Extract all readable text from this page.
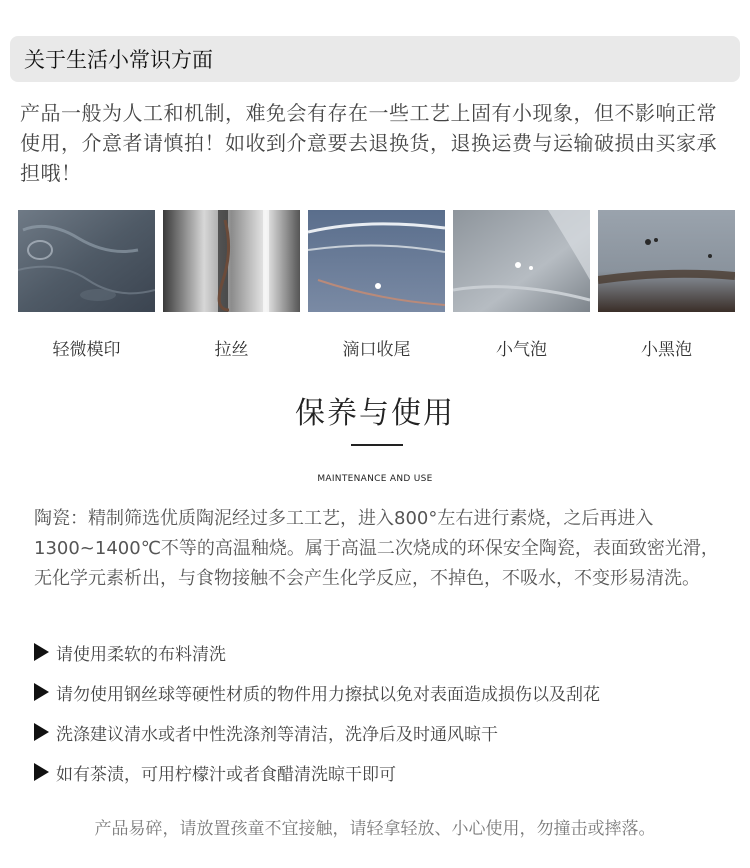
关于生活小常识方面
产品一般为人工和机制，难免会有存在一些工艺上固有小现象，但不影响正常使用，介意者请慎拍！如收到介意要去退换货，退换运费与运输破损由买家承担哦！
轻微模印	拉丝	滴口收尾	小气泡	小黑泡
保养与使用
MAINTENANCE AND USE
陶瓷：精制筛选优质陶泥经过多工工艺，进入800°左右进行素烧，之后再进入1300~1400℃不等的高温釉烧。属于高温二次烧成的环保安全陶瓷，表面致密光滑，无化学元素析出，与食物接触不会产生化学反应，不掉色，不吸水，不变形易清洗。
请使用柔软的布料清洗
请勿使用钢丝球等硬性材质的物件用力擦拭以免对表面造成损伤以及刮花
洗涤建议清水或者中性洗涤剂等清洁，洗净后及时通风晾干
如有茶渍，可用柠檬汁或者食醋清洗晾干即可
产品易碎，请放置孩童不宜接触，请轻拿轻放、小心使用，勿撞击或摔落。
